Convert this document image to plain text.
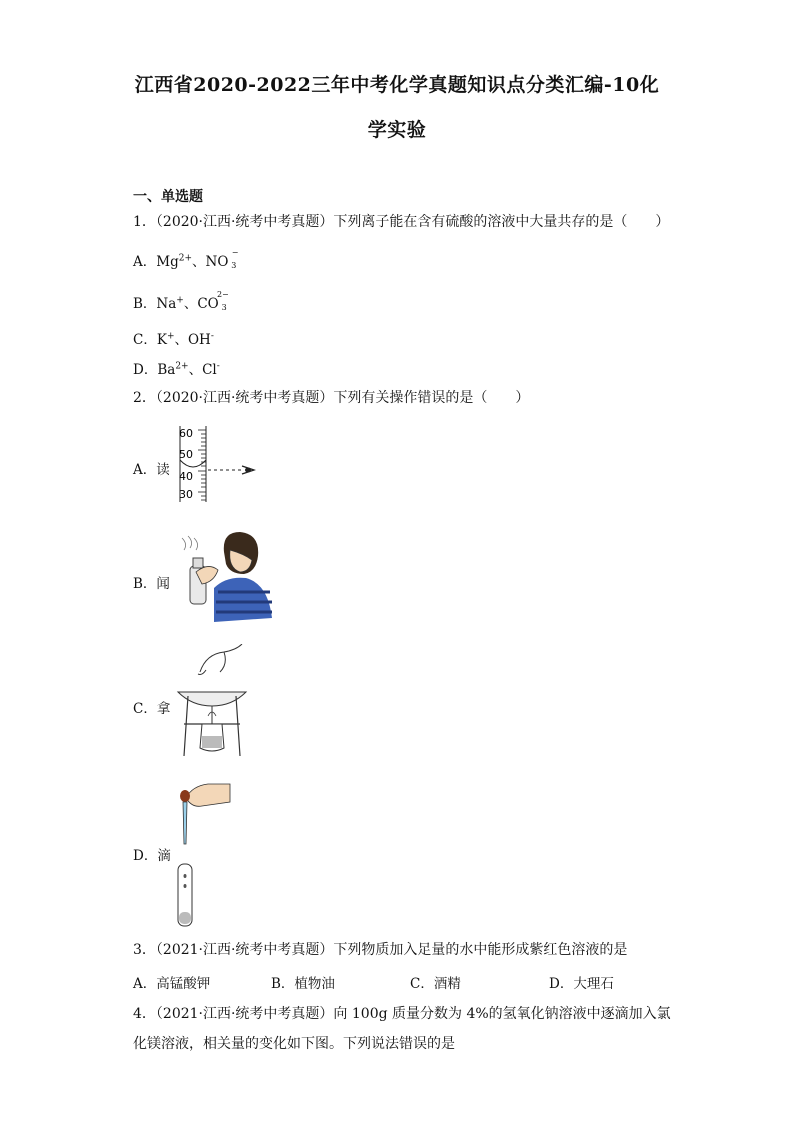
江西省2020-2022三年中考化学真题知识点分类汇编-10化
学实验
一、单选题
1．（2020·江西·统考中考真题）下列离子能在含有硫酸的溶液中大量共存的是（　　）
A．$Mg^{2+}$、NO
−
3
B．Na+、CO
2−
3
C．K+、OH-
D．$Ba^{2+}$、Cl-
2．（2020·江西·统考中考真题）下列有关操作错误的是（　　）
A．读
60
50
40
30
B．闻
C．拿
D．滴
3．（2021·江西·统考中考真题）下列物质加入足量的水中能形成紫红色溶液的是
A．高锰酸钾	B．植物油	C．酒精	D．大理石
4．（2021·江西·统考中考真题）向 100g 质量分数为 4%的氢氧化钠溶液中逐滴加入氯
化镁溶液，相关量的变化如下图。下列说法错误的是
